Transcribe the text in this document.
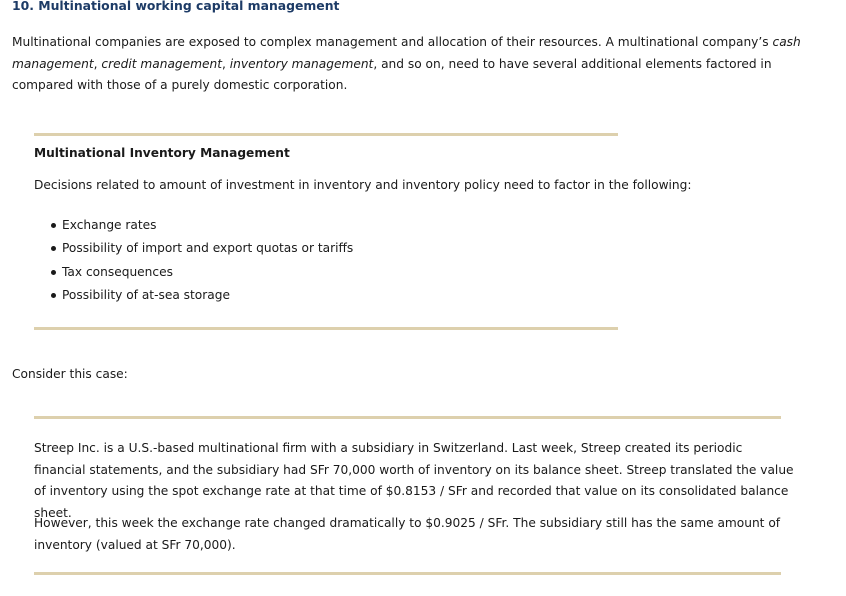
10. Multinational working capital management

Multinational companies are exposed to complex management and allocation of their resources. A multinational company’s cash management, credit management, inventory management, and so on, need to have several additional elements factored in compared with those of a purely domestic corporation.

Multinational Inventory Management

Decisions related to amount of investment in inventory and inventory policy need to factor in the following:

Exchange rates
Possibility of import and export quotas or tariffs
Tax consequences
Possibility of at-sea storage

Consider this case:

Streep Inc. is a U.S.-based multinational firm with a subsidiary in Switzerland. Last week, Streep created its periodic financial statements, and the subsidiary had SFr 70,000 worth of inventory on its balance sheet. Streep translated the value of inventory using the spot exchange rate at that time of $0.8153 / SFr and recorded that value on its consolidated balance sheet.

However, this week the exchange rate changed dramatically to $0.9025 / SFr. The subsidiary still has the same amount of inventory (valued at SFr 70,000).
